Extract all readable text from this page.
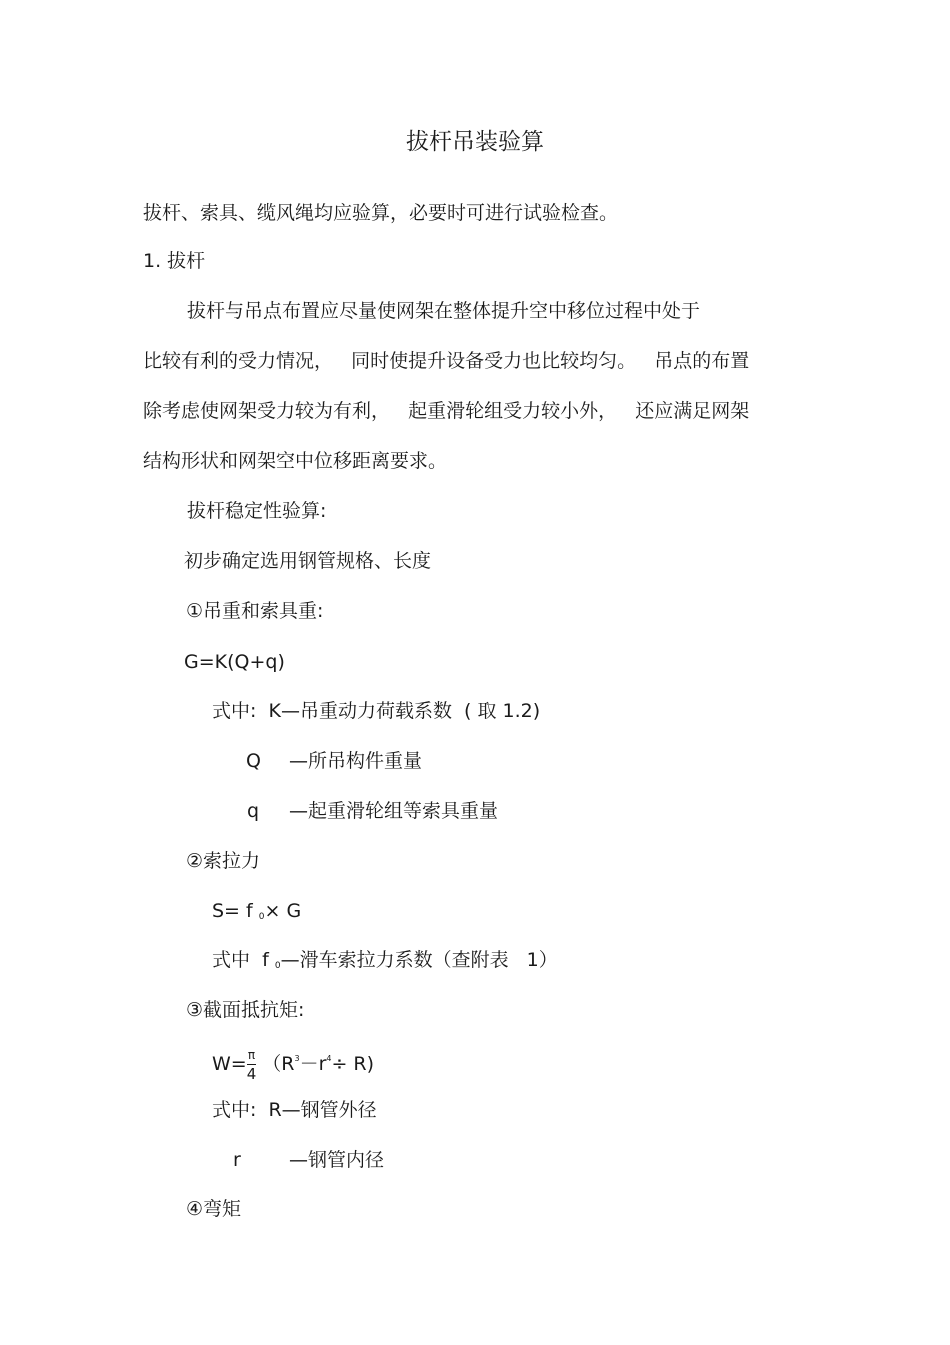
拔杆吊装验算
拔杆、索具、缆风绳均应验算，必要时可进行试验检查。
1. 拔杆
拔杆与吊点布置应尽量使网架在整体提升空中移位过程中处于
比较有利的受力情况，   同时使提升设备受力也比较均匀。   吊点的布置
除考虑使网架受力较为有利，   起重滑轮组受力较小外，   还应满足网架
结构形状和网架空中位移距离要求。
拔杆稳定性验算:
初步确定选用钢管规格、长度
①吊重和索具重:
G=K(Q+q)
式中:  K—吊重动力荷载系数  ( 取 1.2)
Q —所吊构件重量
q —起重滑轮组等索具重量
②索拉力
S= f $_0$× G
式中  f $_0$—滑车索拉力系数（查附表   1）
③截面抵抗矩:
$W= \frac{\pi}{4} (R^3-r^4\div R)$
式中:  R—钢管外径
r	—钢管内径
④弯矩
